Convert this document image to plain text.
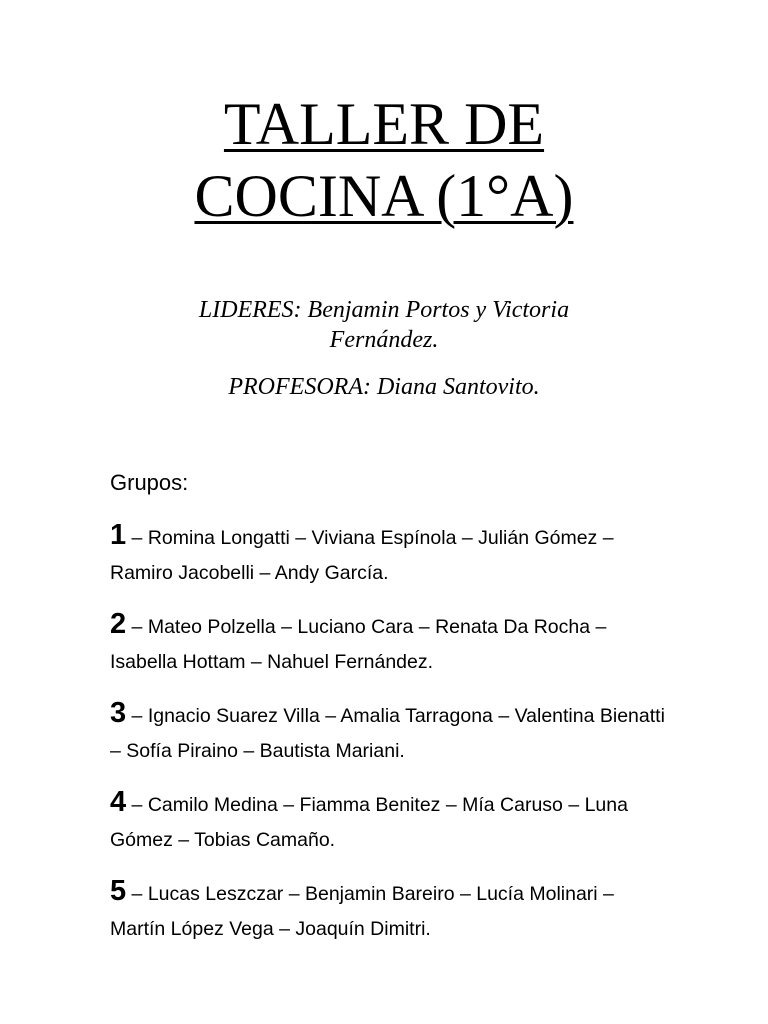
TALLER DE
COCINA (1°A)
LIDERES: Benjamin Portos y Victoria
Fernández.
PROFESORA: Diana Santovito.
Grupos:
1 – Romina Longatti – Viviana Espínola – Julián Gómez – Ramiro Jacobelli – Andy García.
2 – Mateo Polzella – Luciano Cara – Renata Da Rocha – Isabella Hottam – Nahuel Fernández.
3 – Ignacio Suarez Villa – Amalia Tarragona – Valentina Bienatti – Sofía Piraino – Bautista Mariani.
4 – Camilo Medina – Fiamma Benitez – Mía Caruso – Luna Gómez – Tobias Camaño.
5 – Lucas Leszczar – Benjamin Bareiro – Lucía Molinari – Martín López Vega – Joaquín Dimitri.
